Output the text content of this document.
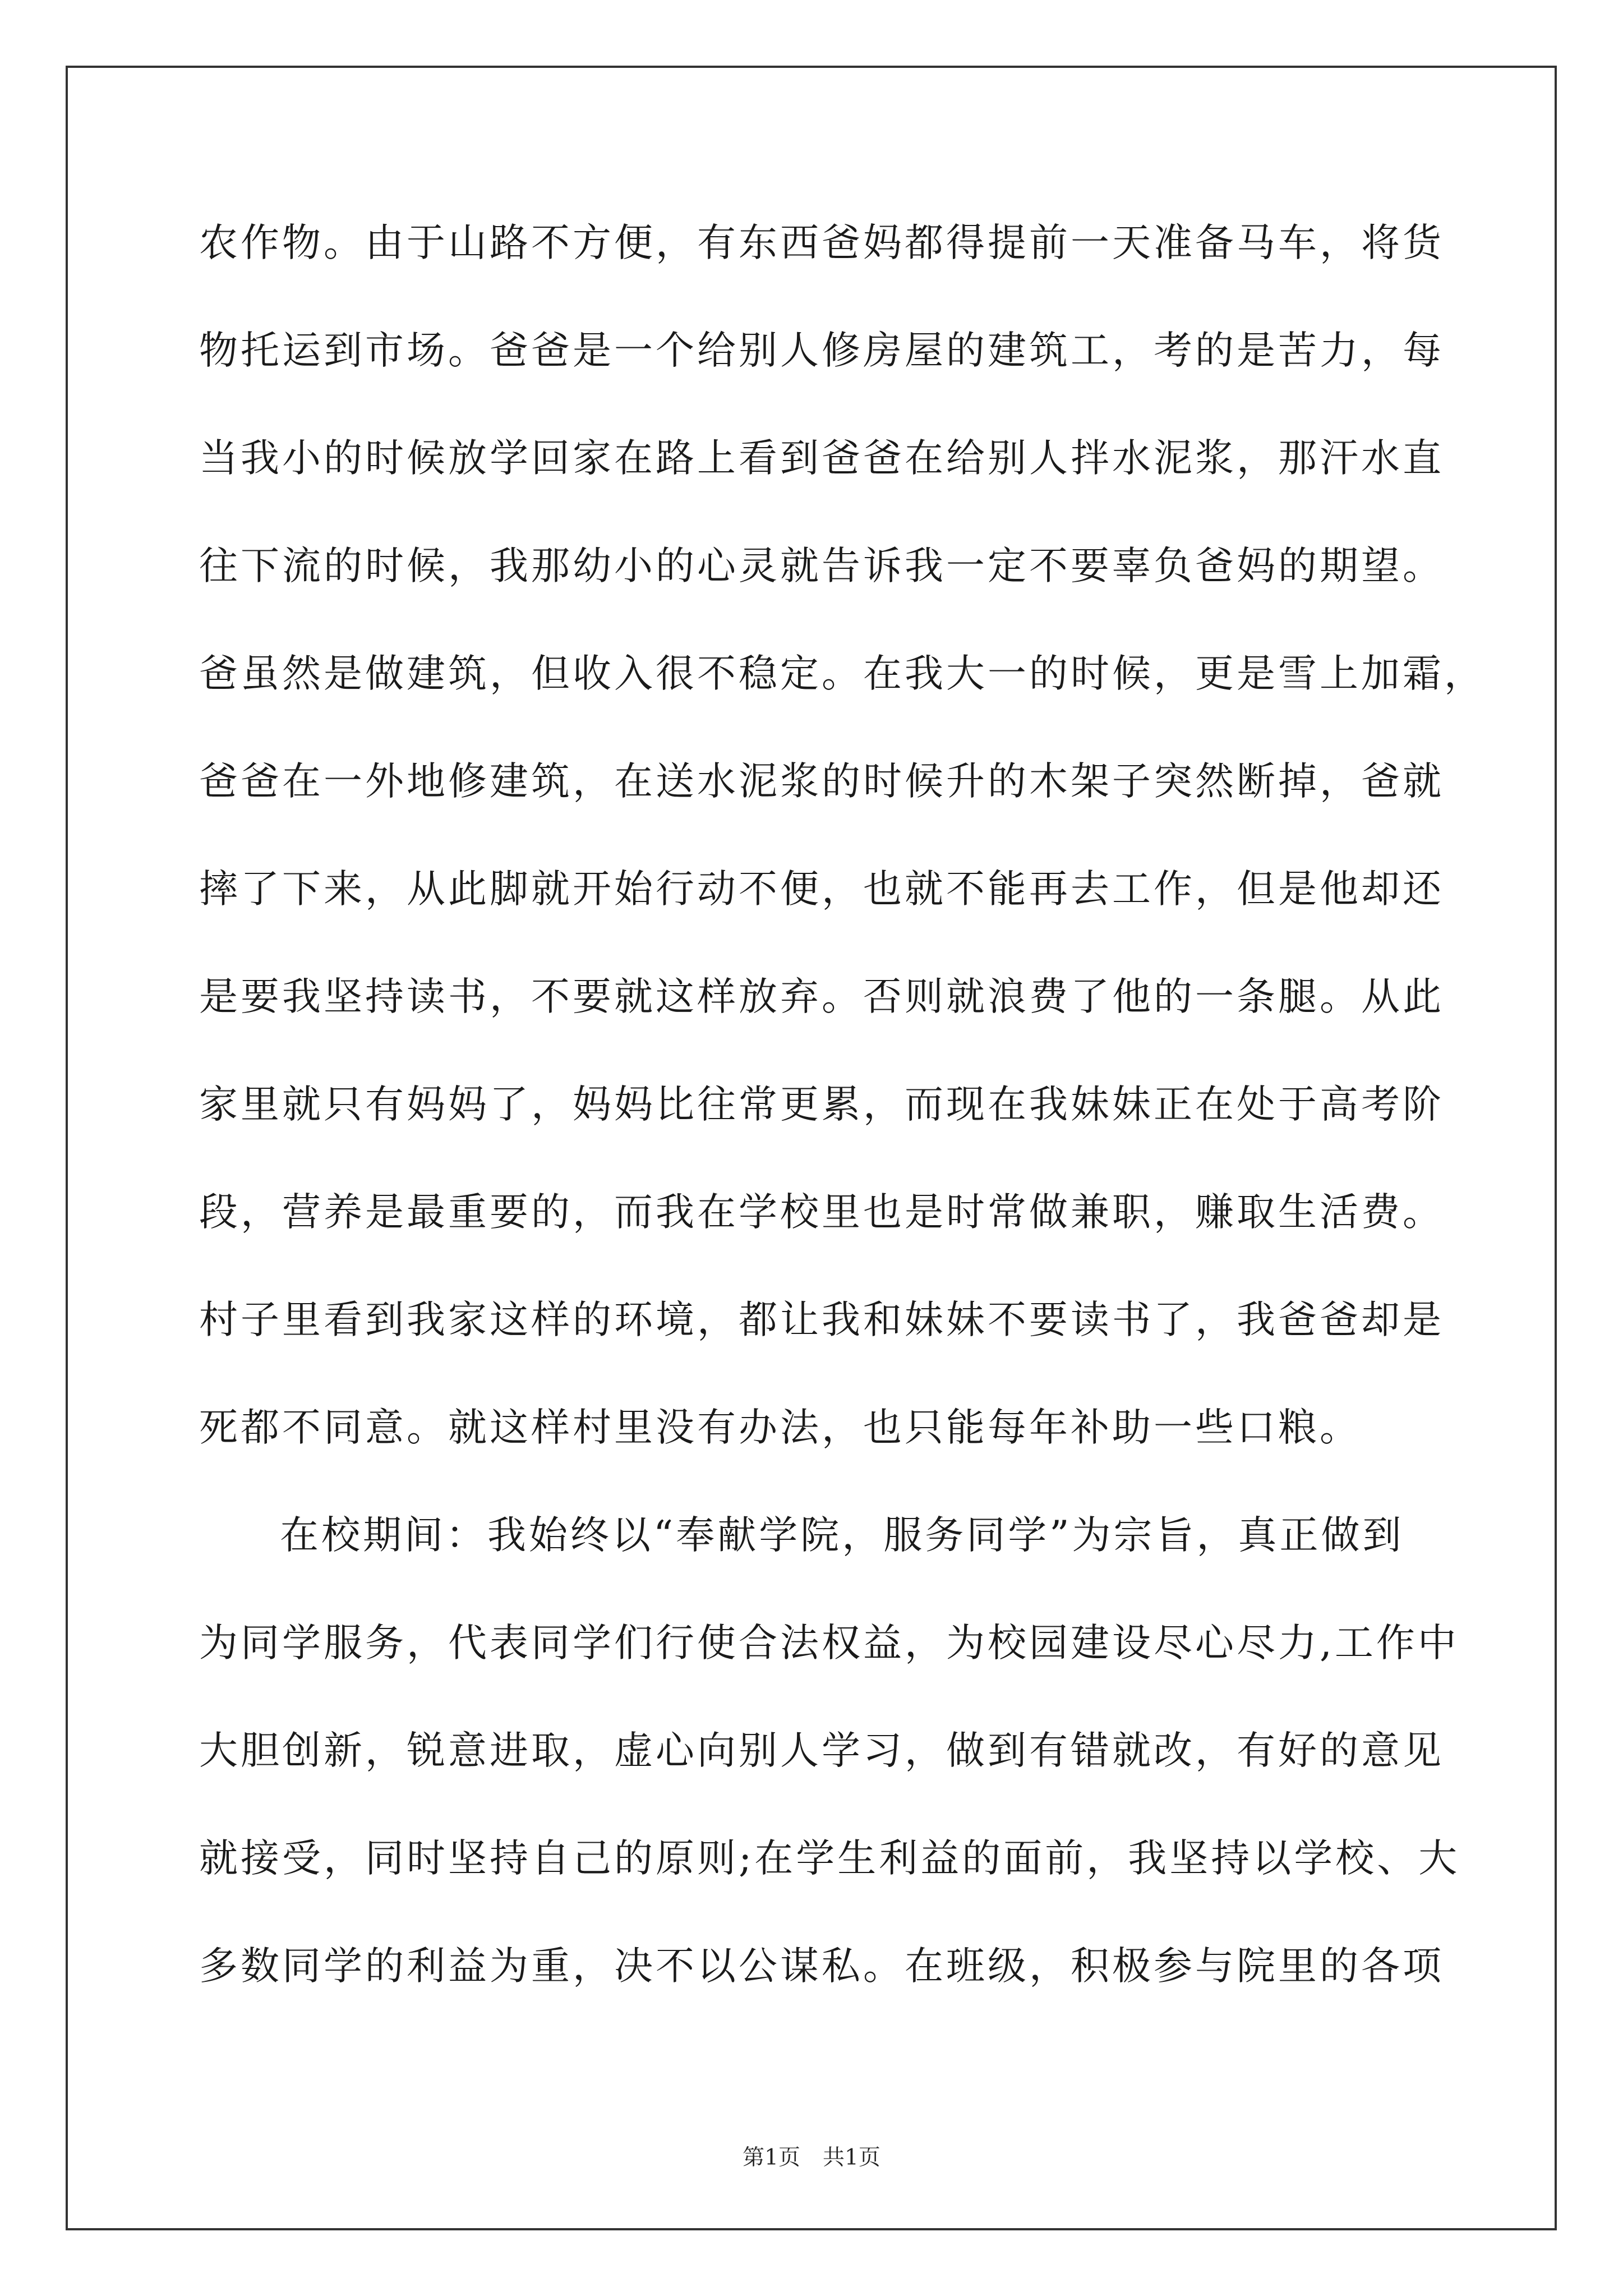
农作物。由于山路不方便，有东西爸妈都得提前一天准备马车，将货
物托运到市场。爸爸是一个给别人修房屋的建筑工，考的是苦力，每
当我小的时候放学回家在路上看到爸爸在给别人拌水泥浆，那汗水直
往下流的时候，我那幼小的心灵就告诉我一定不要辜负爸妈的期望。
爸虽然是做建筑，但收入很不稳定。在我大一的时候，更是雪上加霜，
爸爸在一外地修建筑，在送水泥浆的时候升的木架子突然断掉，爸就
摔了下来，从此脚就开始行动不便，也就不能再去工作，但是他却还
是要我坚持读书，不要就这样放弃。否则就浪费了他的一条腿。从此
家里就只有妈妈了，妈妈比往常更累，而现在我妹妹正在处于高考阶
段，营养是最重要的，而我在学校里也是时常做兼职，赚取生活费。
村子里看到我家这样的环境，都让我和妹妹不要读书了，我爸爸却是
死都不同意。就这样村里没有办法，也只能每年补助一些口粮。
在校期间：我始终以“奉献学院，服务同学”为宗旨，真正做到
为同学服务，代表同学们行使合法权益，为校园建设尽心尽力,工作中
大胆创新，锐意进取，虚心向别人学习，做到有错就改，有好的意见
就接受，同时坚持自己的原则;在学生利益的面前，我坚持以学校、大
多数同学的利益为重，决不以公谋私。在班级，积极参与院里的各项
第1页 共1页
